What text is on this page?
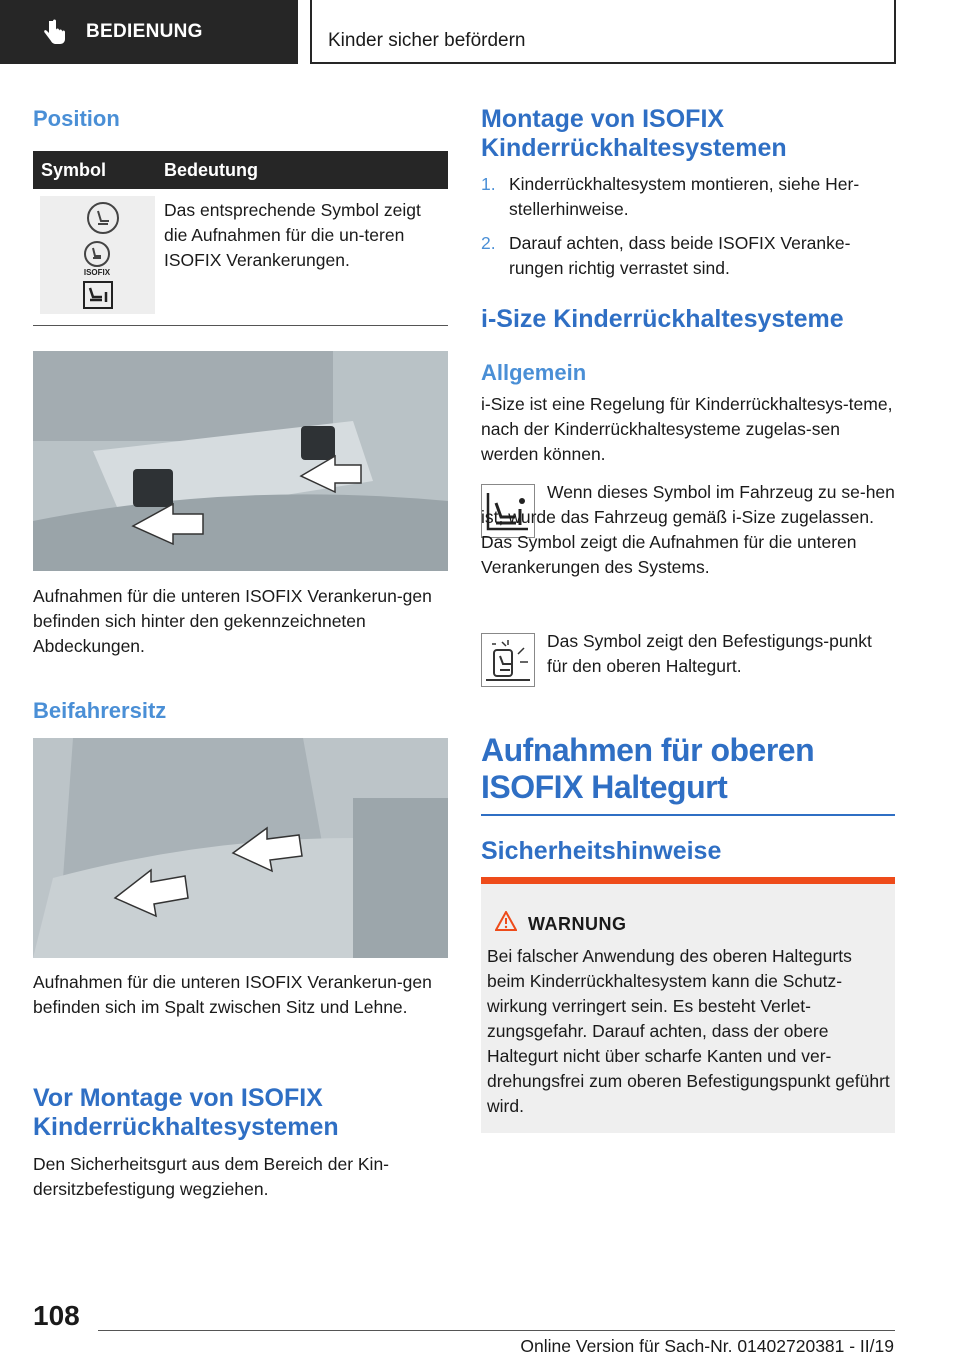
BEDIENUNG	Kinder sicher befördern
Position
Symbol	Bedeutung
ISOFIX
Das entsprechende Symbol zeigt die Aufnahmen für die un-teren ISOFIX Verankerungen.
Aufnahmen für die unteren ISOFIX Verankerun-gen befinden sich hinter den gekennzeichneten Abdeckungen.
Beifahrersitz
Aufnahmen für die unteren ISOFIX Verankerun-gen befinden sich im Spalt zwischen Sitz und Lehne.
Vor Montage von ISOFIX Kinderrückhaltesystemen
Den Sicherheitsgurt aus dem Bereich der Kin-dersitzbefestigung wegziehen.
Montage von ISOFIX Kinderrückhaltesystemen
1. Kinderrückhaltesystem montieren, siehe Her-stellerhinweise.
2. Darauf achten, dass beide ISOFIX Veranke-rungen richtig verrastet sind.
i-Size Kinderrückhaltesysteme
Allgemein
i-Size ist eine Regelung für Kinderrückhaltesys-teme, nach der Kinderrückhaltesysteme zugelas-sen werden können.
Wenn dieses Symbol im Fahrzeug zu se-hen ist, wurde das Fahrzeug gemäß i-Size zugelassen. Das Symbol zeigt die Aufnahmen für die unteren Verankerungen des Systems.
Das Symbol zeigt den Befestigungs-punkt für den oberen Haltegurt.
Aufnahmen für oberen ISOFIX Haltegurt
Sicherheitshinweise
WARNUNG
Bei falscher Anwendung des oberen Haltegurts beim Kinderrückhaltesystem kann die Schutz-wirkung verringert sein. Es besteht Verlet-zungsgefahr. Darauf achten, dass der obere Haltegurt nicht über scharfe Kanten und ver-drehungsfrei zum oberen Befestigungspunkt geführt wird.
108
Online Version für Sach-Nr. 01402720381 - II/19
